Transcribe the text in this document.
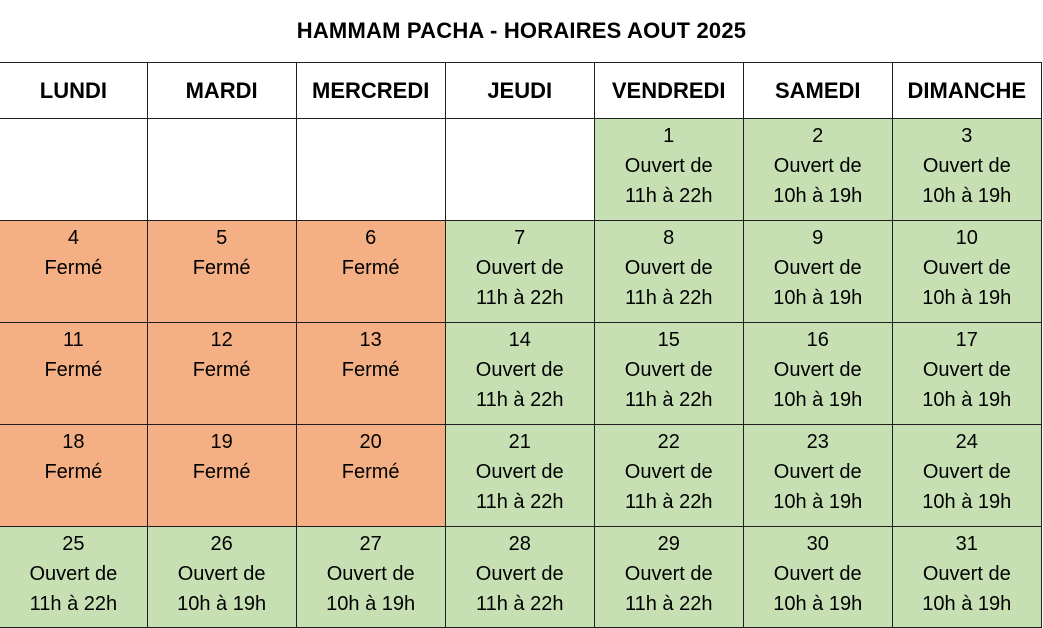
HAMMAM PACHA - HORAIRES AOUT 2025
LUNDI	MARDI	MERCREDI	JEUDI	VENDREDI	SAMEDI	DIMANCHE

				1
Ouvert de
11h à 22h	2
Ouvert de
10h à 19h	3
Ouvert de
10h à 19h

4
Fermé	5
Fermé	6
Fermé	7
Ouvert de
11h à 22h	8
Ouvert de
11h à 22h	9
Ouvert de
10h à 19h	10
Ouvert de
10h à 19h

11
Fermé	12
Fermé	13
Fermé	14
Ouvert de
11h à 22h	15
Ouvert de
11h à 22h	16
Ouvert de
10h à 19h	17
Ouvert de
10h à 19h

18
Fermé	19
Fermé	20
Fermé	21
Ouvert de
11h à 22h	22
Ouvert de
11h à 22h	23
Ouvert de
10h à 19h	24
Ouvert de
10h à 19h

25
Ouvert de
11h à 22h	26
Ouvert de
10h à 19h	27
Ouvert de
10h à 19h	28
Ouvert de
11h à 22h	29
Ouvert de
11h à 22h	30
Ouvert de
10h à 19h	31
Ouvert de
10h à 19h
